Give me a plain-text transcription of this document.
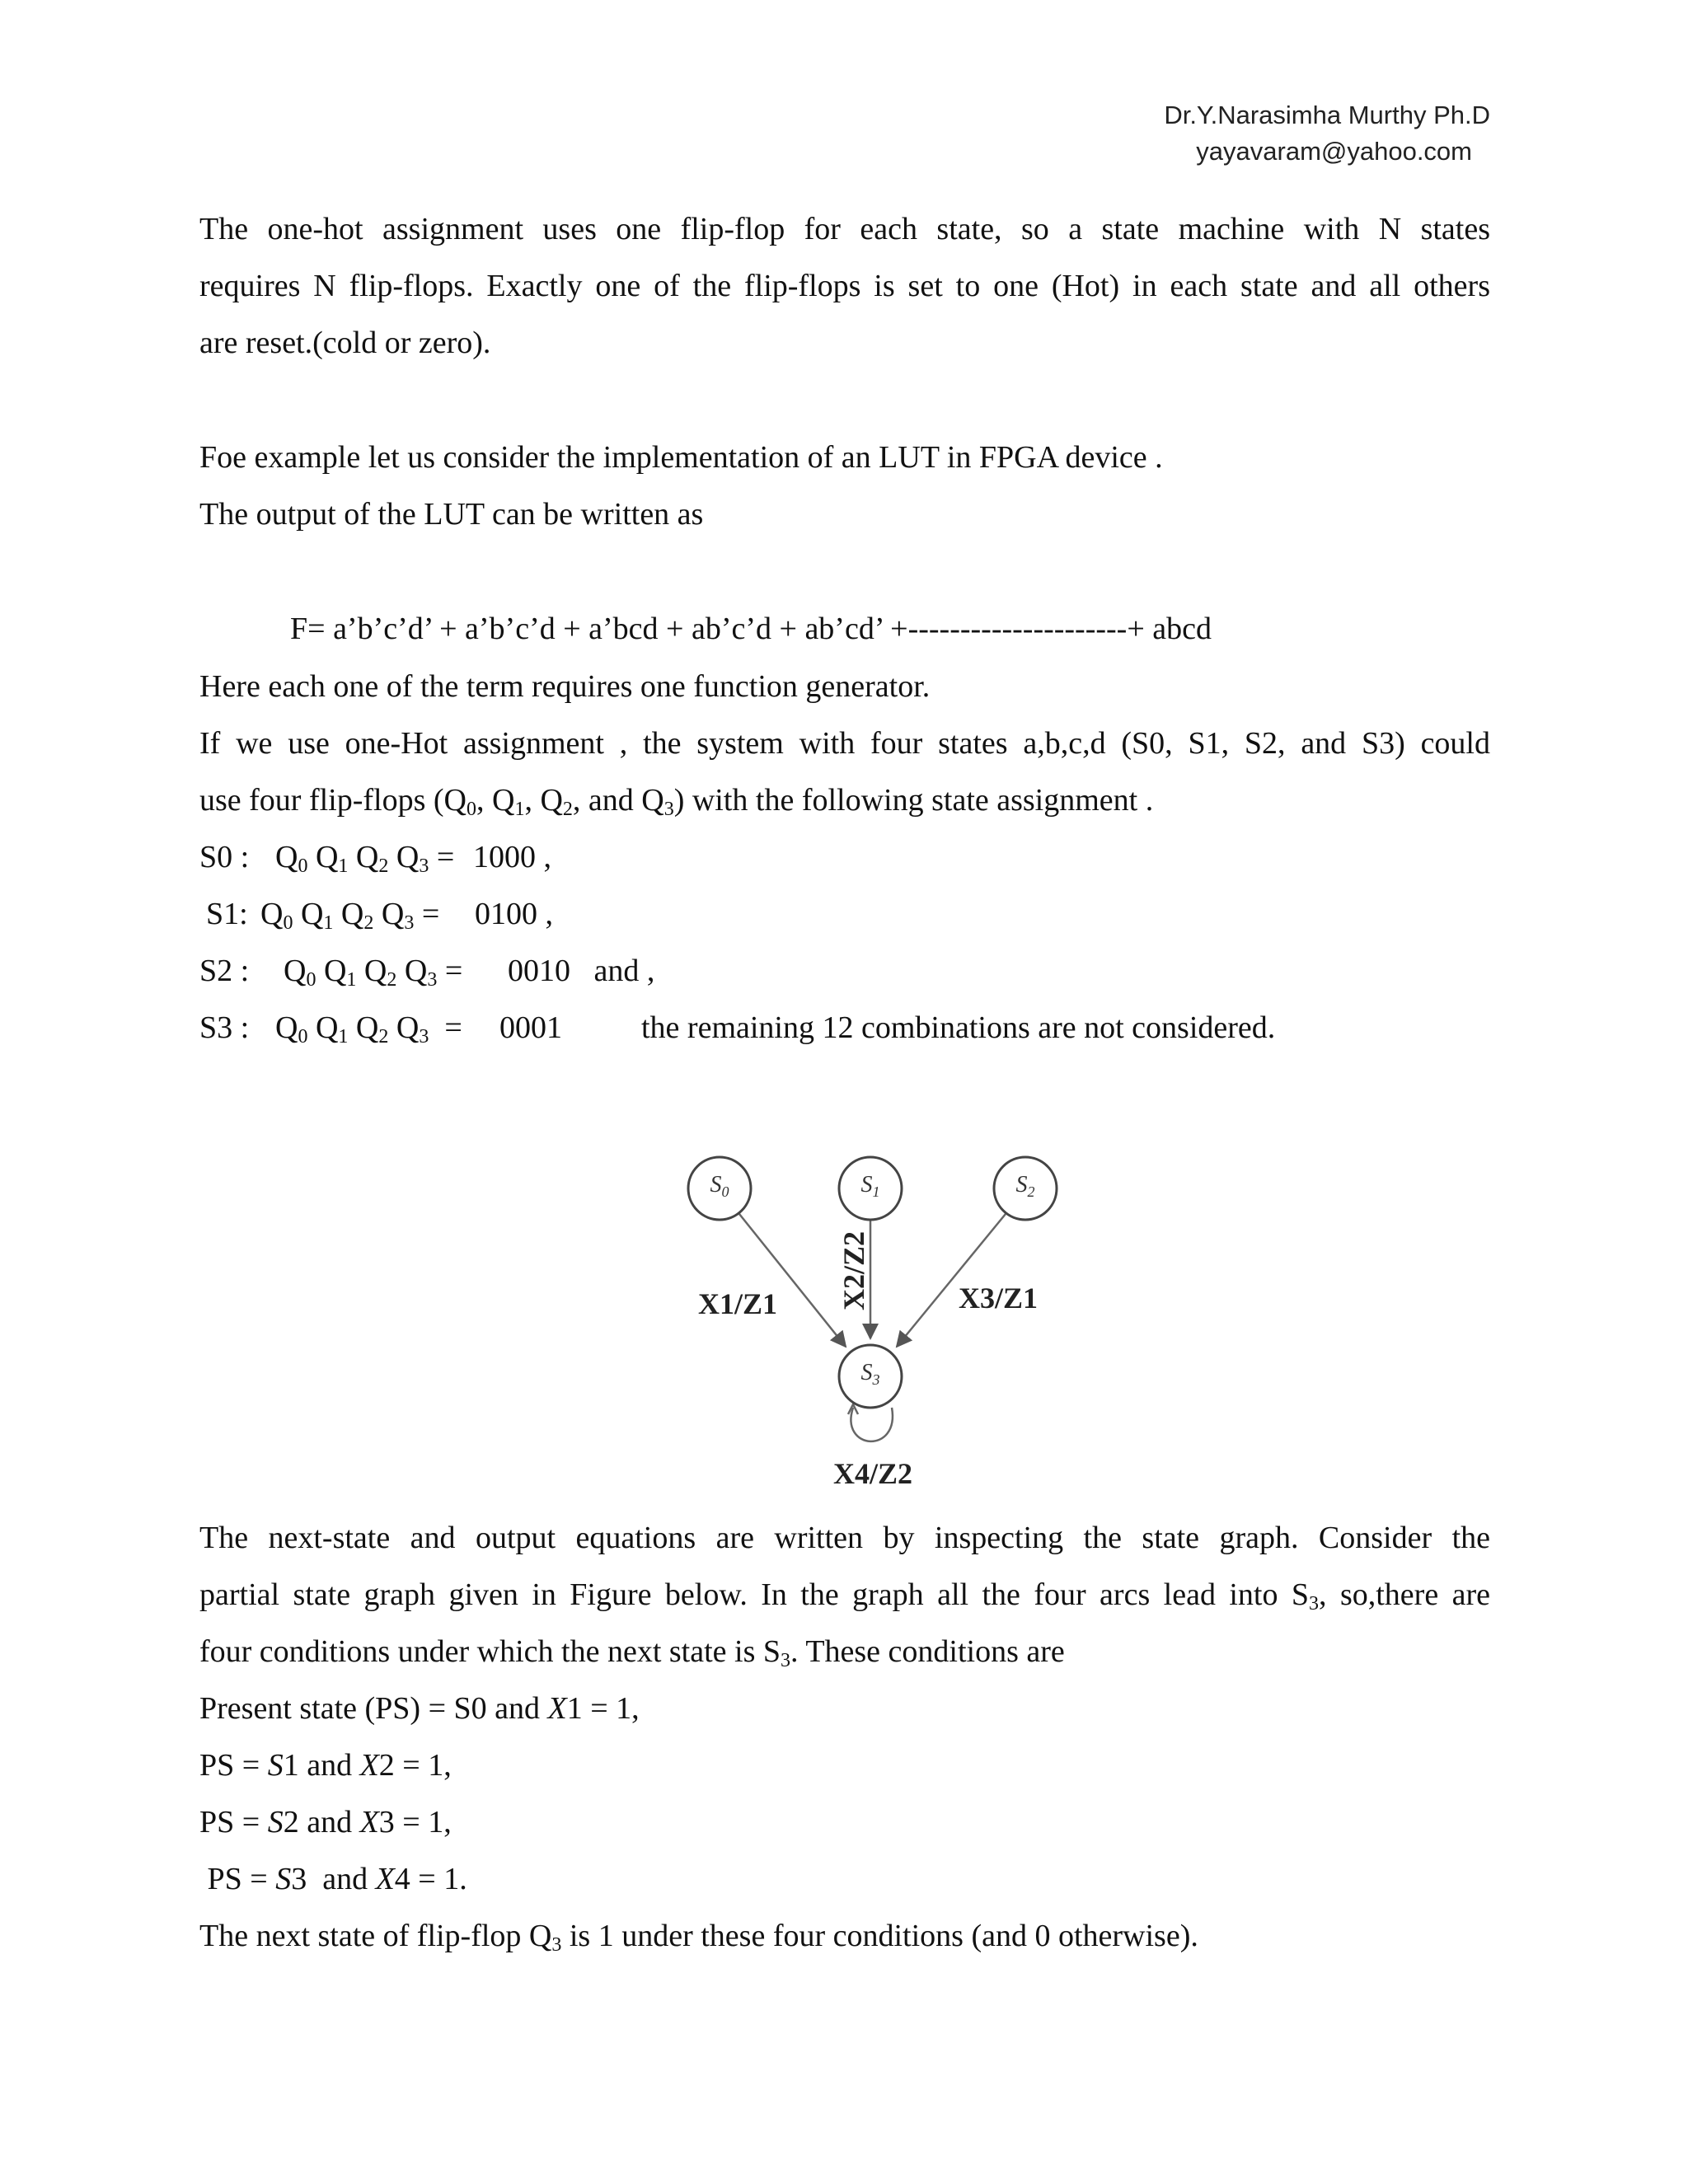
Dr.Y.Narasimha Murthy Ph.D
yayavaram@yahoo.com
The one-hot assignment uses one flip-flop for each state, so a state machine with N states
requires N flip-flops. Exactly one of the flip-flops is set to one (Hot) in each state and all others
are reset.(cold or zero).
Foe example let us consider the implementation of an LUT in FPGA device .
The output of the LUT can be written as
F= a’b’c’d’ + a’b’c’d + a’bcd + ab’c’d + ab’cd’ +---------------------+ abcd
Here each one of the term requires one function generator.
If we use one-Hot assignment , the system with four states a,b,c,d (S0, S1, S2, and S3) could
use four flip-flops ($Q_0$, $Q_1$, $Q_2$, and $Q_3$) with the following state assignment .
S0 : $Q_0$ $Q_1$ $Q_2$ $Q_3 = 1000$ ,
S1: $Q_0$ $Q_1$ $Q_2$ $Q_3 = 0100$ ,
S2 : $Q_0$ $Q_1$ $Q_2$ $Q_3 = 0010$   and ,
S3 : $Q_0$ $Q_1$ $Q_2$ $Q_3 = 0001$	the remaining 12 combinations are not considered.
$S_0$	$S_1$	$S_2$
$S_3$
X1/Z1 X2/Z2	X3/Z1
X4/Z2
The next-state and output equations are written by inspecting the state graph. Consider the
partial state graph given in Figure below. In the graph all the four arcs lead into $S_3$, so,there are
four conditions under which the next state is $S_3$. These conditions are
Present state (PS) = S0 and X1 = 1,
PS = S1 and X2 = 1,
PS = S2 and X3 = 1,
PS = S3  and X4 = 1.
The next state of flip-flop $Q_3$ is 1 under these four conditions (and 0 otherwise).
